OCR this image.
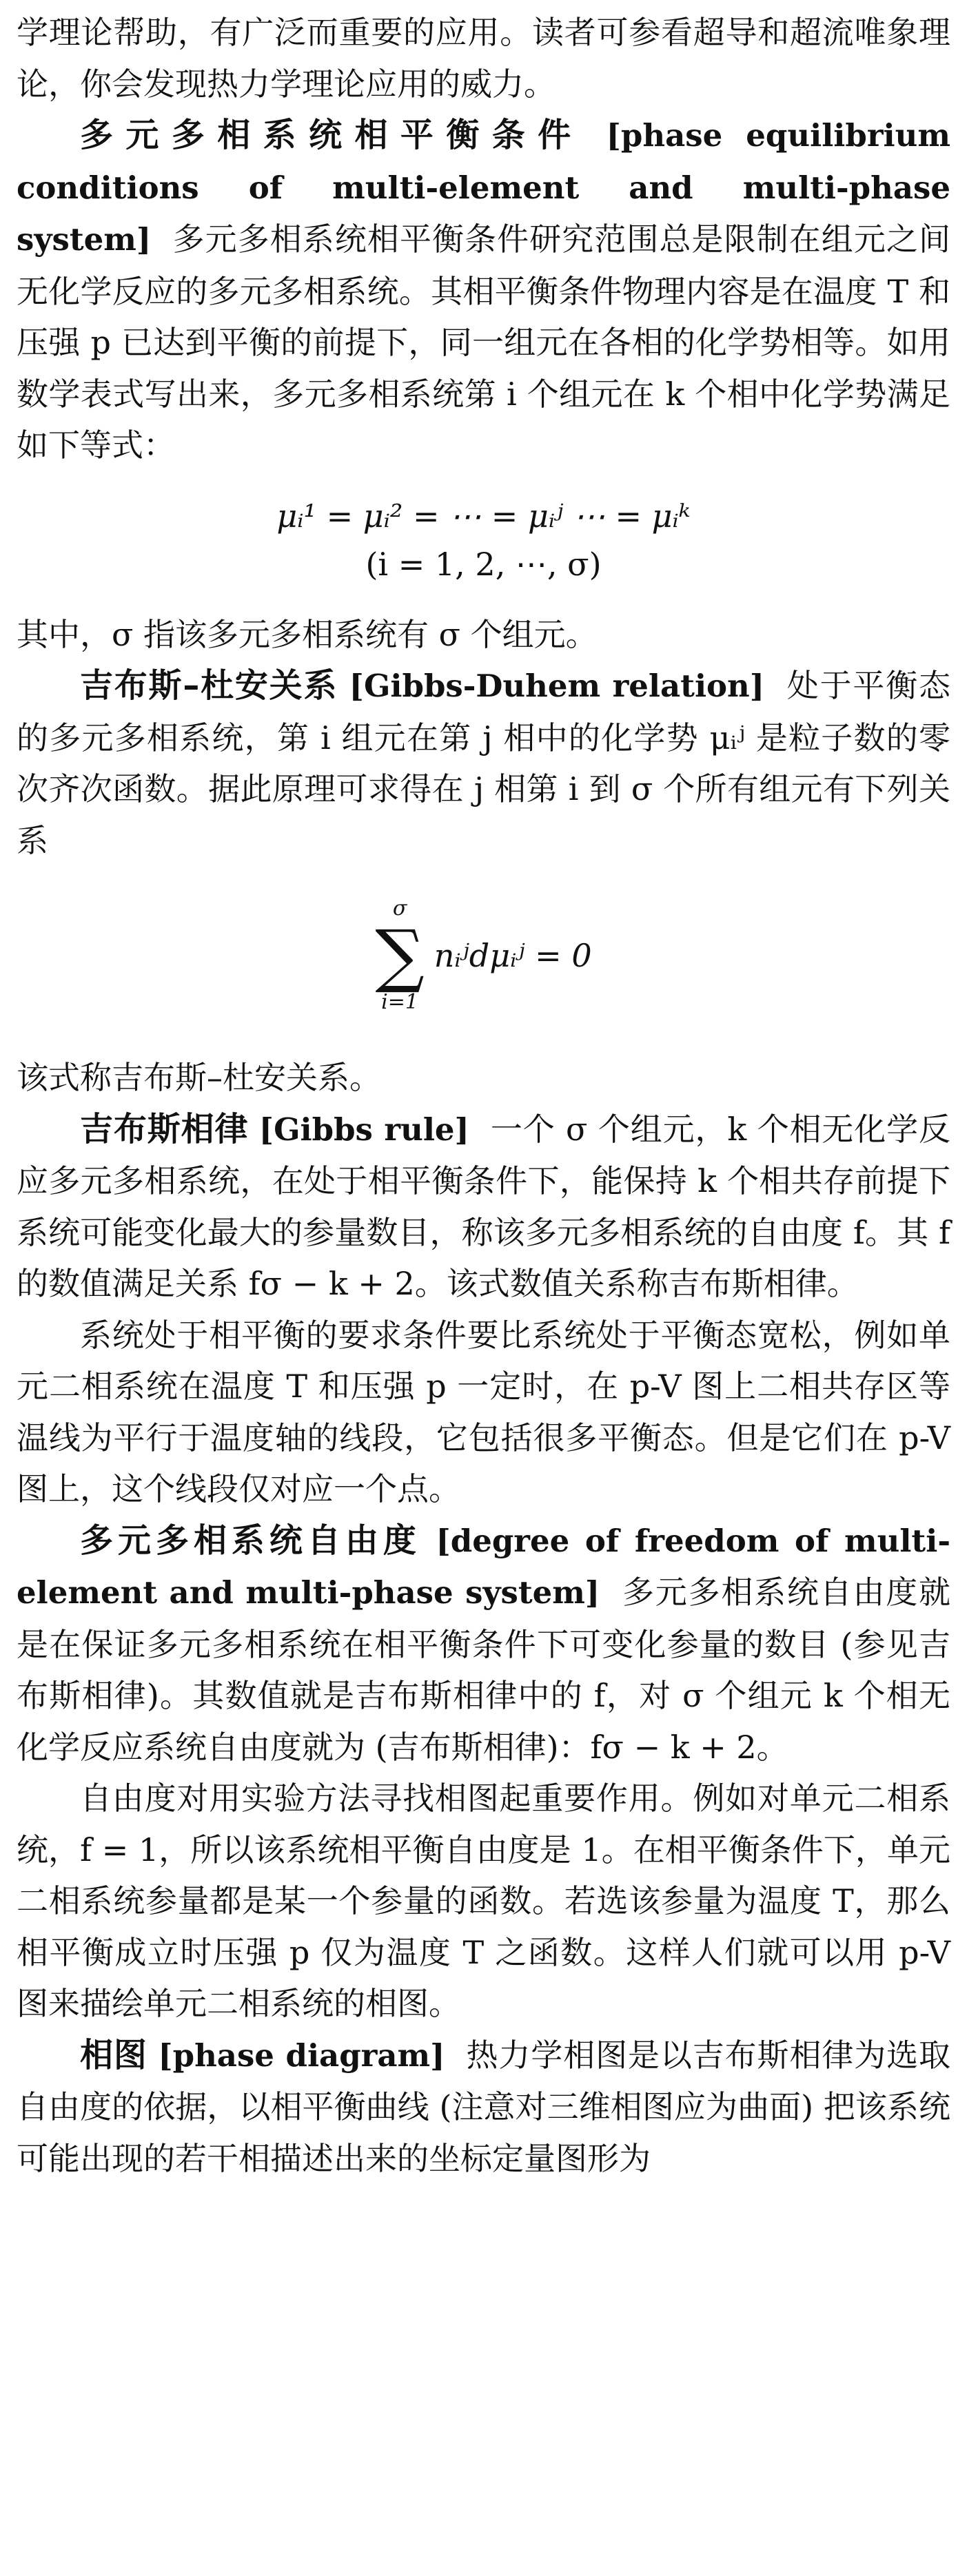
学理论帮助，有广泛而重要的应用。读者可参看超导和超流唯象理论，你会发现热力学理论应用的威力。

多元多相系统相平衡条件 [phase equilibrium conditions of multi-element and multi-phase system] 多元多相系统相平衡条件研究范围总是限制在组元之间无化学反应的多元多相系统。其相平衡条件物理内容是在温度 T 和压强 p 已达到平衡的前提下，同一组元在各相的化学势相等。如用数学表式写出来，多元多相系统第 i 个组元在 k 个相中化学势满足如下等式：

μᵢ¹ = μᵢ² = ⋯ = μᵢʲ ⋯ = μᵢᵏ
(i = 1, 2, ⋯, σ)

其中，σ 指该多元多相系统有 σ 个组元。

吉布斯–杜安关系 [Gibbs-Duhem relation] 处于平衡态的多元多相系统，第 i 组元在第 j 相中的化学势 μᵢʲ 是粒子数的零次齐次函数。据此原理可求得在 j 相第 i 到 σ 个所有组元有下列关系

σ
∑
i=1
nᵢʲdμᵢʲ = 0

该式称吉布斯–杜安关系。

吉布斯相律 [Gibbs rule] 一个 σ 个组元，k 个相无化学反应多元多相系统，在处于相平衡条件下，能保持 k 个相共存前提下系统可能变化最大的参量数目，称该多元多相系统的自由度 f。其 f 的数值满足关系 fσ − k + 2。该式数值关系称吉布斯相律。

系统处于相平衡的要求条件要比系统处于平衡态宽松，例如单元二相系统在温度 T 和压强 p 一定时，在 p-V 图上二相共存区等温线为平行于温度轴的线段，它包括很多平衡态。但是它们在 p-V 图上，这个线段仅对应一个点。

多元多相系统自由度 [degree of freedom of multi-element and multi-phase system] 多元多相系统自由度就是在保证多元多相系统在相平衡条件下可变化参量的数目 (参见吉布斯相律)。其数值就是吉布斯相律中的 f，对 σ 个组元 k 个相无化学反应系统自由度就为 (吉布斯相律)：fσ − k + 2。

自由度对用实验方法寻找相图起重要作用。例如对单元二相系统，f = 1，所以该系统相平衡自由度是 1。在相平衡条件下，单元二相系统参量都是某一个参量的函数。若选该参量为温度 T，那么相平衡成立时压强 p 仅为温度 T 之函数。这样人们就可以用 p-V 图来描绘单元二相系统的相图。

相图 [phase diagram] 热力学相图是以吉布斯相律为选取自由度的依据，以相平衡曲线 (注意对三维相图应为曲面) 把该系统可能出现的若干相描述出来的坐标定量图形为
